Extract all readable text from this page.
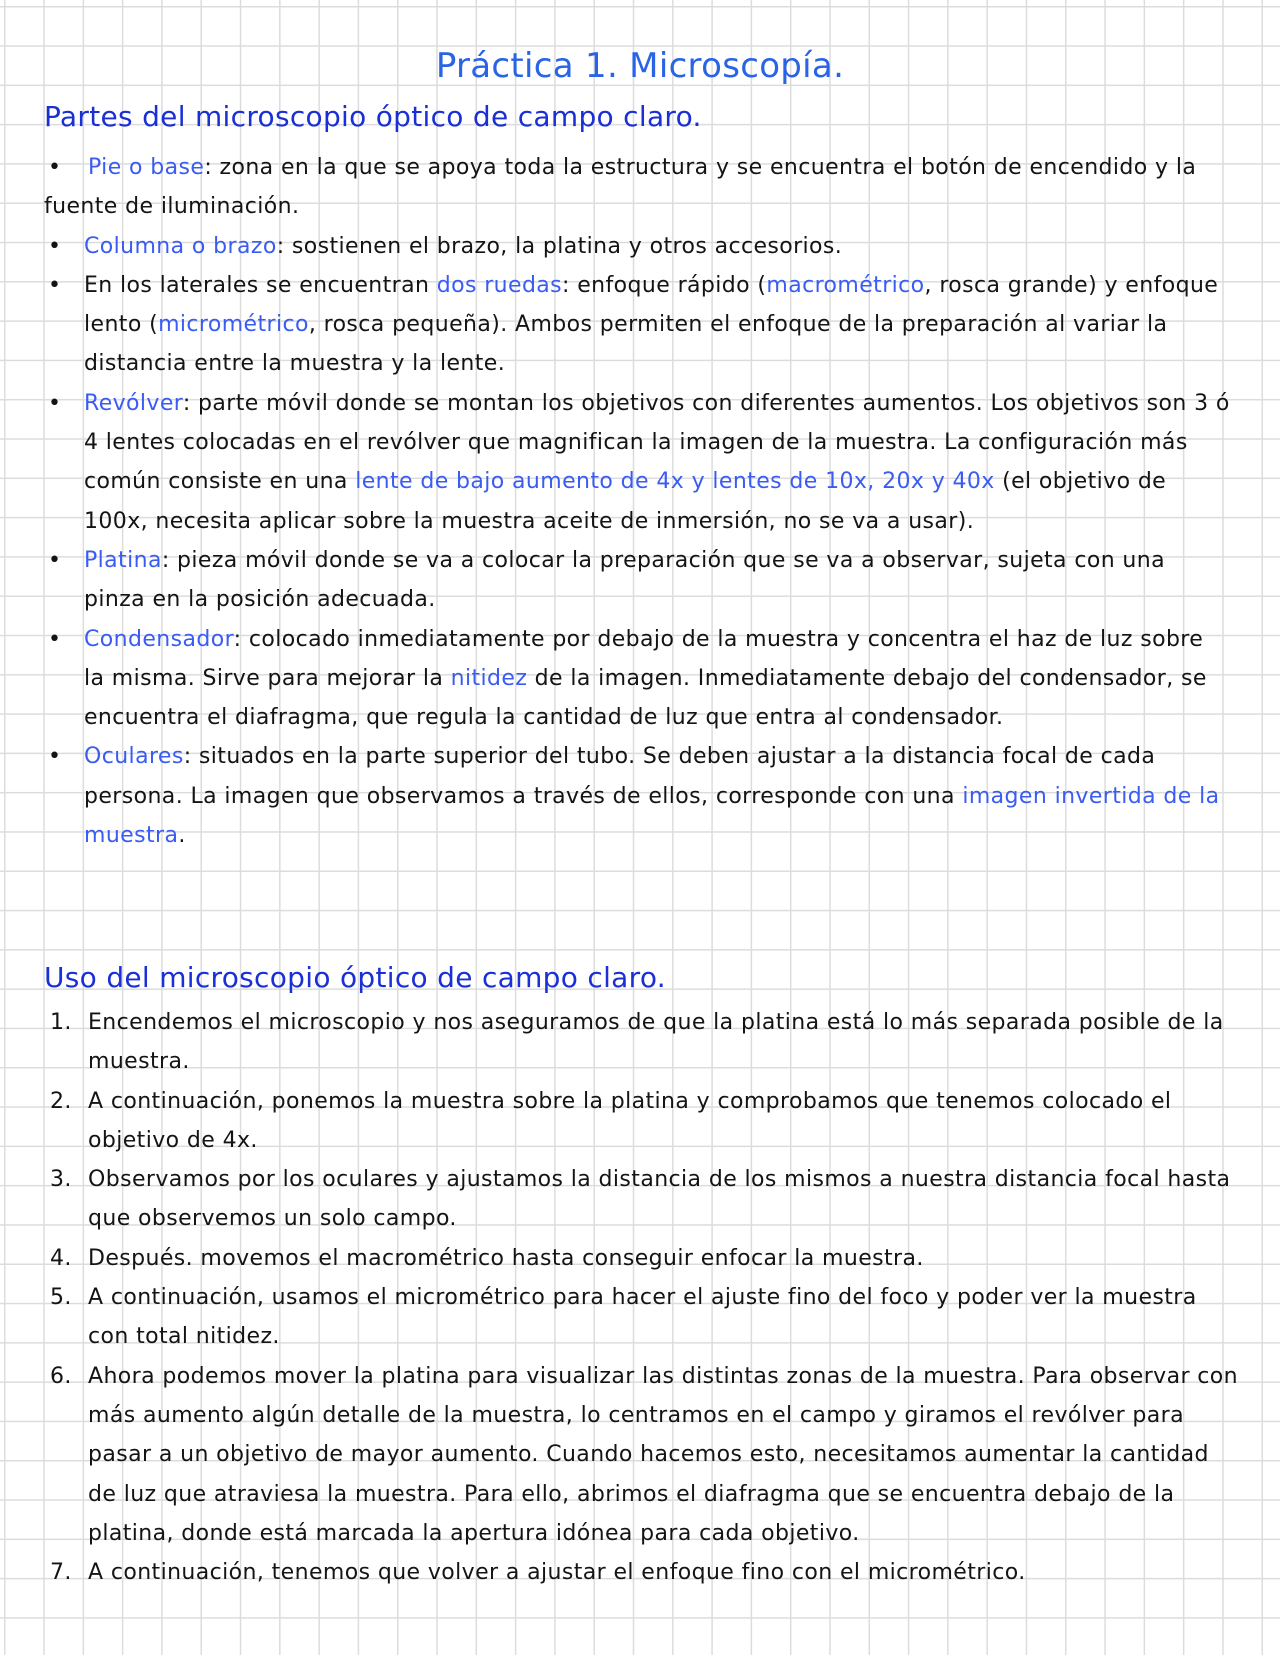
Práctica 1. Microscopía.
Partes del microscopio óptico de campo claro.
• Pie o base: zona en la que se apoya toda la estructura y se encuentra el botón de encendido y la fuente de iluminación.
• Columna o brazo: sostienen el brazo, la platina y otros accesorios.
• En los laterales se encuentran dos ruedas: enfoque rápido (macrométrico, rosca grande) y enfoque lento (micrométrico, rosca pequeña). Ambos permiten el enfoque de la preparación al variar la distancia entre la muestra y la lente.
• Revólver: parte móvil donde se montan los objetivos con diferentes aumentos. Los objetivos son 3 ó 4 lentes colocadas en el revólver que magnifican la imagen de la muestra. La configuración más común consiste en una lente de bajo aumento de 4x y lentes de 10x, 20x y 40x (el objetivo de 100x, necesita aplicar sobre la muestra aceite de inmersión, no se va a usar).
• Platina: pieza móvil donde se va a colocar la preparación que se va a observar, sujeta con una pinza en la posición adecuada.
• Condensador: colocado inmediatamente por debajo de la muestra y concentra el haz de luz sobre la misma. Sirve para mejorar la nitidez de la imagen. Inmediatamente debajo del condensador, se encuentra el diafragma, que regula la cantidad de luz que entra al condensador.
• Oculares: situados en la parte superior del tubo. Se deben ajustar a la distancia focal de cada persona. La imagen que observamos a través de ellos, corresponde con una imagen invertida de la muestra.
Uso del microscopio óptico de campo claro.
1. Encendemos el microscopio y nos aseguramos de que la platina está lo más separada posible de la muestra.
2. A continuación, ponemos la muestra sobre la platina y comprobamos que tenemos colocado el objetivo de 4x.
3. Observamos por los oculares y ajustamos la distancia de los mismos a nuestra distancia focal hasta que observemos un solo campo.
4. Después. movemos el macrométrico hasta conseguir enfocar la muestra.
5. A continuación, usamos el micrométrico para hacer el ajuste fino del foco y poder ver la muestra con total nitidez.
6. Ahora podemos mover la platina para visualizar las distintas zonas de la muestra. Para observar con más aumento algún detalle de la muestra, lo centramos en el campo y giramos el revólver para pasar a un objetivo de mayor aumento. Cuando hacemos esto, necesitamos aumentar la cantidad de luz que atraviesa la muestra. Para ello, abrimos el diafragma que se encuentra debajo de la platina, donde está marcada la apertura idónea para cada objetivo.
7. A continuación, tenemos que volver a ajustar el enfoque fino con el micrométrico.
